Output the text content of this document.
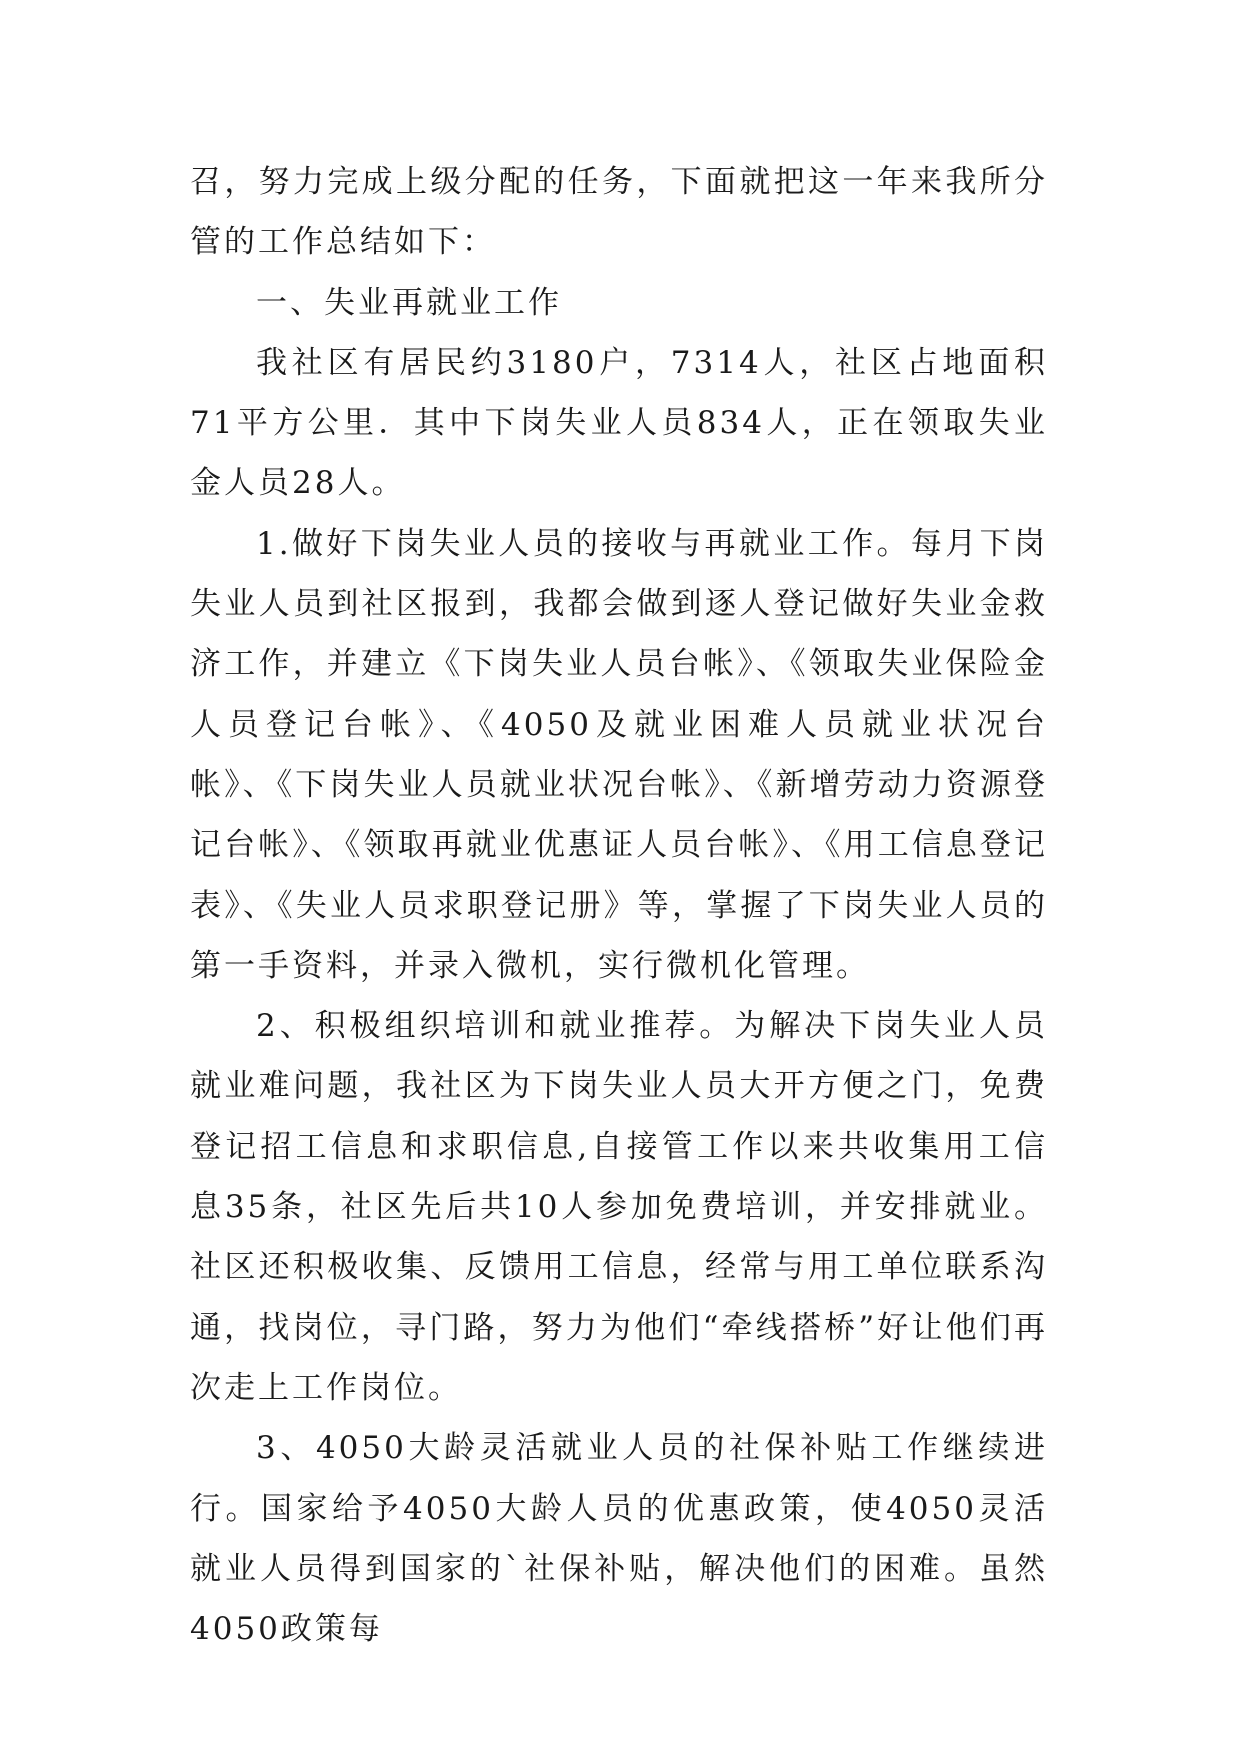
召，努力完成上级分配的任务，下面就把这一年来我所分管的工作总结如下：

一、失业再就业工作

我社区有居民约3180户，7314人，社区占地面积71平方公里．其中下岗失业人员834人，正在领取失业金人员28人。

1.做好下岗失业人员的接收与再就业工作。每月下岗失业人员到社区报到，我都会做到逐人登记做好失业金救济工作，并建立《下岗失业人员台帐》、《领取失业保险金人员登记台帐》、《4050及就业困难人员就业状况台帐》、《下岗失业人员就业状况台帐》、《新增劳动力资源登记台帐》、《领取再就业优惠证人员台帐》、《用工信息登记表》、《失业人员求职登记册》等，掌握了下岗失业人员的第一手资料，并录入微机，实行微机化管理。

2、积极组织培训和就业推荐。为解决下岗失业人员就业难问题，我社区为下岗失业人员大开方便之门，免费登记招工信息和求职信息,自接管工作以来共收集用工信息35条，社区先后共10人参加免费培训，并安排就业。社区还积极收集、反馈用工信息，经常与用工单位联系沟通，找岗位，寻门路，努力为他们“牵线搭桥”好让他们再次走上工作岗位。

3、4050大龄灵活就业人员的社保补贴工作继续进行。国家给予4050大龄人员的优惠政策，使4050灵活就业人员得到国家的`社保补贴，解决他们的困难。虽然4050政策每
